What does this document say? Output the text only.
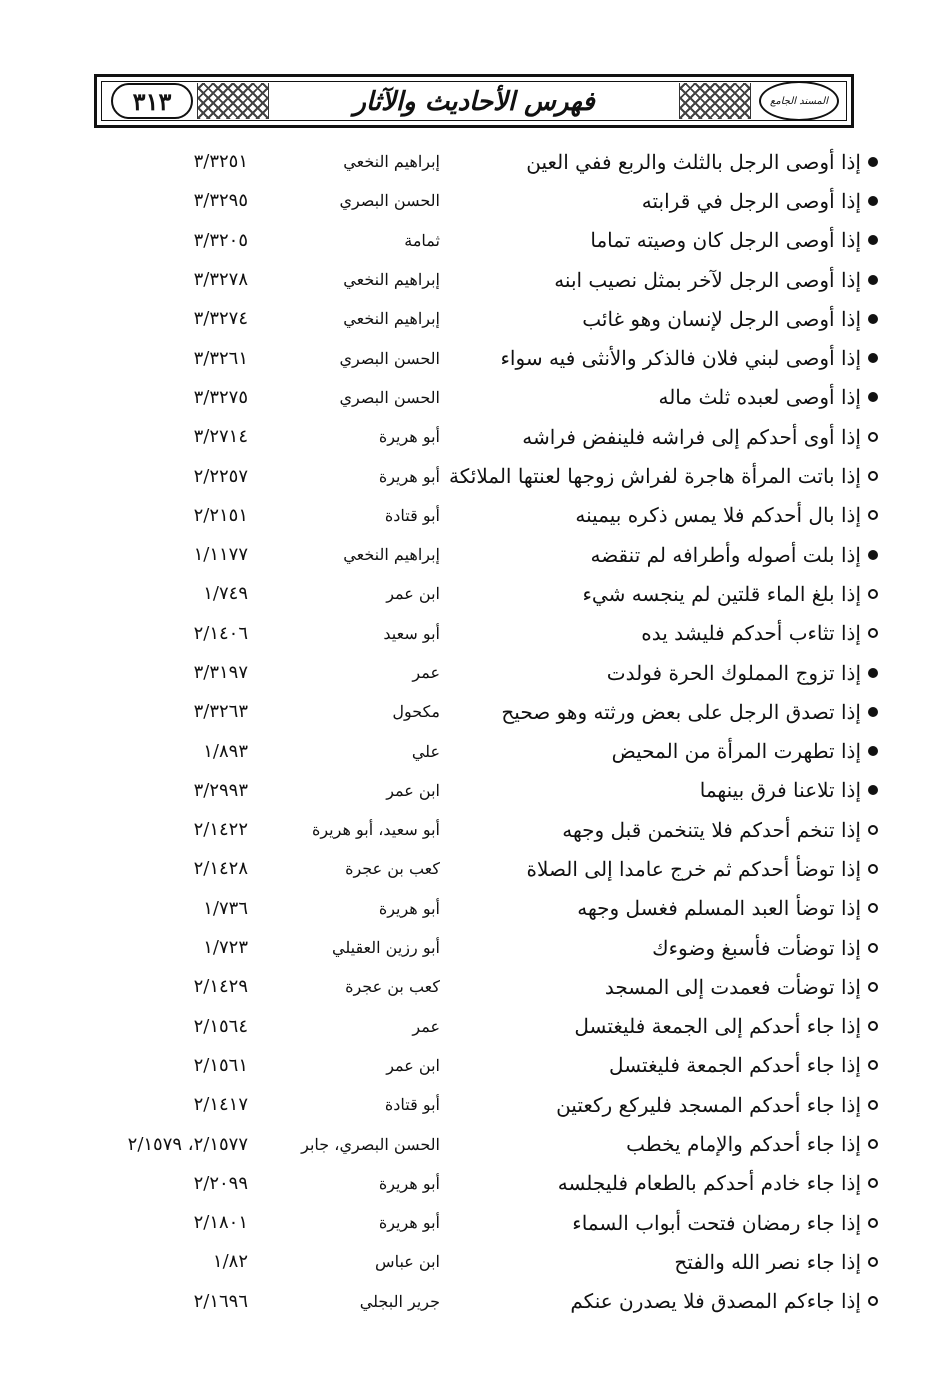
٣١٣	فهرس الأحاديث والآثار	المسند الجامع
إذا أوصى الرجل بالثلث والربع ففي العين
إبراهيم النخعي
٣/٣٢٥١
إذا أوصى الرجل في قرابته
الحسن البصري
٣/٣٢٩٥
إذا أوصى الرجل كان وصيته تماما
ثمامة
٣/٣٢٠٥
إذا أوصى الرجل لآخر بمثل نصيب ابنه
إبراهيم النخعي
٣/٣٢٧٨
إذا أوصى الرجل لإنسان وهو غائب
إبراهيم النخعي
٣/٣٢٧٤
إذا أوصى لبني فلان فالذكر والأنثى فيه سواء
الحسن البصري
٣/٣٢٦١
إذا أوصى لعبده ثلث ماله
الحسن البصري
٣/٣٢٧٥
إذا أوى أحدكم إلى فراشه فلينفض فراشه
أبو هريرة
٣/٢٧١٤
إذا باتت المرأة هاجرة لفراش زوجها لعنتها الملائكة
أبو هريرة
٢/٢٢٥٧
إذا بال أحدكم فلا يمس ذكره بيمينه
أبو قتادة
٢/٢١٥١
إذا بلت أصوله وأطرافه لم تنقضه
إبراهيم النخعي
١/١١٧٧
إذا بلغ الماء قلتين لم ينجسه شيء
ابن عمر
١/٧٤٩
إذا تثاءب أحدكم فليشد يده
أبو سعيد
٢/١٤٠٦
إذا تزوج المملوك الحرة فولدت
عمر
٣/٣١٩٧
إذا تصدق الرجل على بعض ورثته وهو صحيح
مكحول
٣/٣٢٦٣
إذا تطهرت المرأة من المحيض
علي
١/٨٩٣
إذا تلاعنا فرق بينهما
ابن عمر
٣/٢٩٩٣
إذا تنخم أحدكم فلا يتنخمن قبل وجهه
أبو سعيد، أبو هريرة
٢/١٤٢٢
إذا توضأ أحدكم ثم خرج عامدا إلى الصلاة
كعب بن عجرة
٢/١٤٢٨
إذا توضأ العبد المسلم فغسل وجهه
أبو هريرة
١/٧٣٦
إذا توضأت فأسبغ وضوءك
أبو رزين العقيلي
١/٧٢٣
إذا توضأت فعمدت إلى المسجد
كعب بن عجرة
٢/١٤٢٩
إذا جاء أحدكم إلى الجمعة فليغتسل
عمر
٢/١٥٦٤
إذا جاء أحدكم الجمعة فليغتسل
ابن عمر
٢/١٥٦١
إذا جاء أحدكم المسجد فليركع ركعتين
أبو قتادة
٢/١٤١٧
إذا جاء أحدكم والإمام يخطب
الحسن البصري، جابر
٢/١٥٧٧، ٢/١٥٧٩
إذا جاء خادم أحدكم بالطعام فليجلسه
أبو هريرة
٢/٢٠٩٩
إذا جاء رمضان فتحت أبواب السماء
أبو هريرة
٢/١٨٠١
إذا جاء نصر الله والفتح
ابن عباس
١/٨٢
إذا جاءكم المصدق فلا يصدرن عنكم
جرير البجلي
٢/١٦٩٦
